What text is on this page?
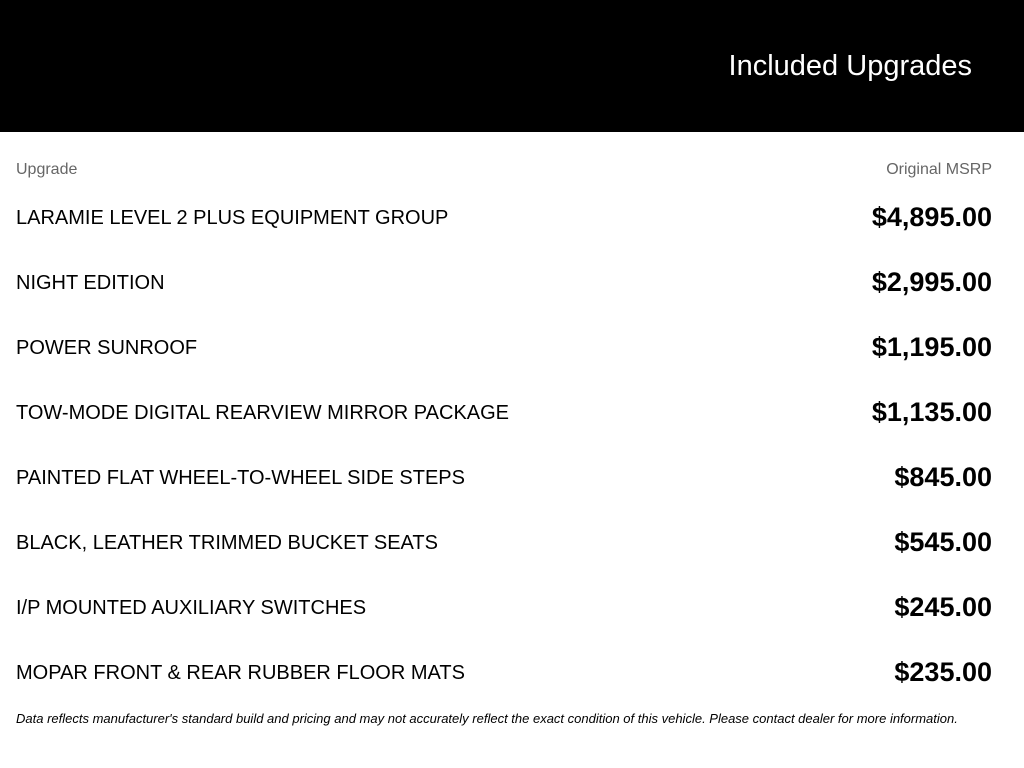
Included Upgrades
Upgrade	Original MSRP
LARAMIE LEVEL 2 PLUS EQUIPMENT GROUP	$4,895.00
NIGHT EDITION	$2,995.00
POWER SUNROOF	$1,195.00
TOW-MODE DIGITAL REARVIEW MIRROR PACKAGE	$1,135.00
PAINTED FLAT WHEEL-TO-WHEEL SIDE STEPS	$845.00
BLACK, LEATHER TRIMMED BUCKET SEATS	$545.00
I/P MOUNTED AUXILIARY SWITCHES	$245.00
MOPAR FRONT & REAR RUBBER FLOOR MATS	$235.00
Data reflects manufacturer's standard build and pricing and may not accurately reflect the exact condition of this vehicle. Please contact dealer for more information.
